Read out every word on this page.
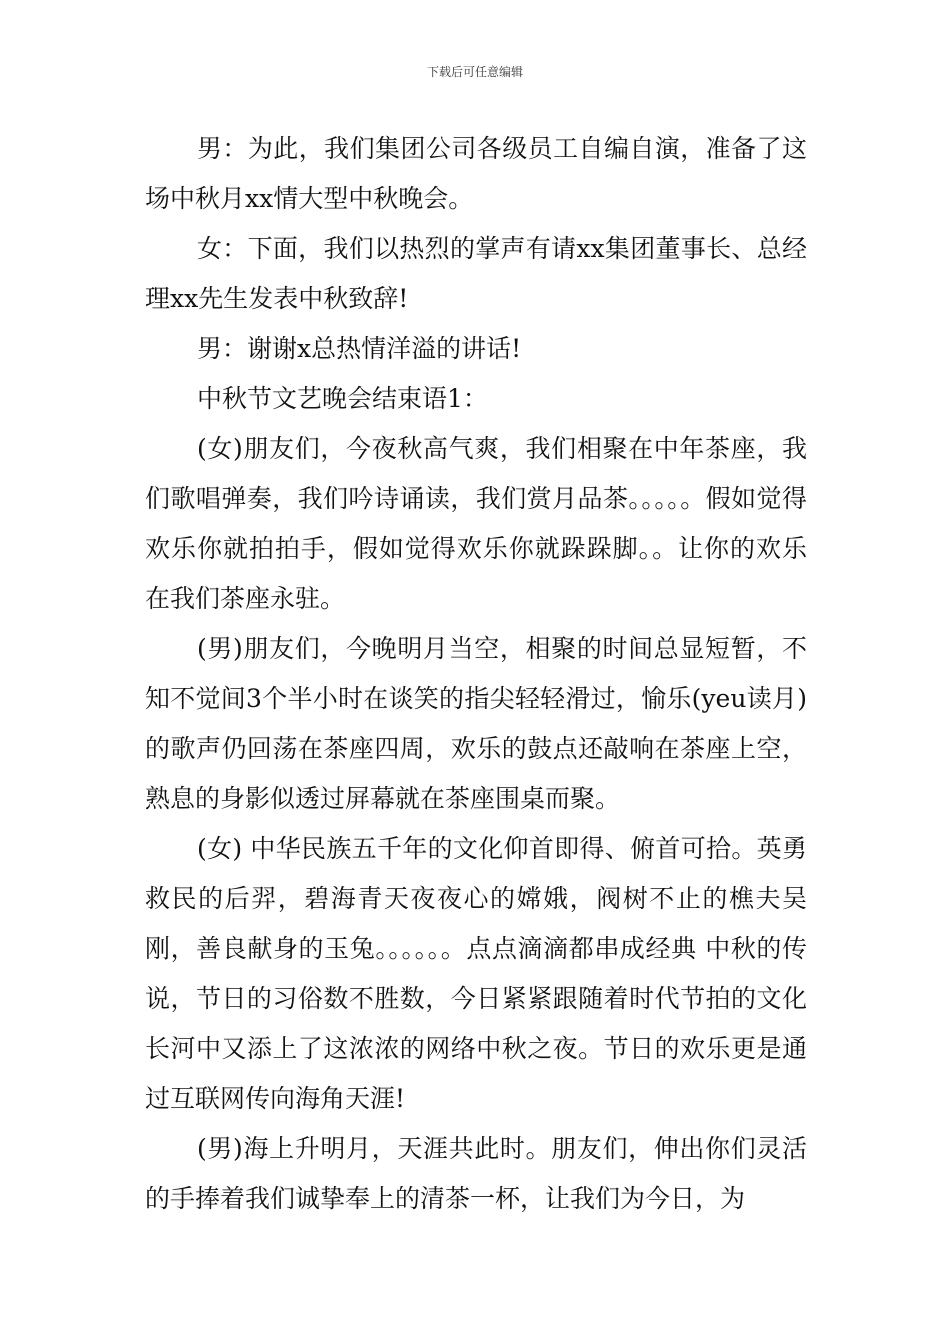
下载后可任意编辑

男：为此，我们集团公司各级员工自编自演，准备了这场中秋月xx情大型中秋晚会。

女：下面，我们以热烈的掌声有请xx集团董事长、总经理xx先生发表中秋致辞!

男：谢谢x总热情洋溢的讲话!

中秋节文艺晚会结束语1：

(女)朋友们，今夜秋高气爽，我们相聚在中年茶座，我们歌唱弹奏，我们吟诗诵读，我们赏月品茶。。。。。假如觉得欢乐你就拍拍手，假如觉得欢乐你就跺跺脚。。让你的欢乐在我们茶座永驻。

(男)朋友们，今晚明月当空，相聚的时间总显短暂，不知不觉间3个半小时在谈笑的指尖轻轻滑过，愉乐(yeu读月)的歌声仍回荡在茶座四周，欢乐的鼓点还敲响在茶座上空，熟息的身影似透过屏幕就在茶座围桌而聚。

(女) 中华民族五千年的文化仰首即得、俯首可拾。英勇救民的后羿，碧海青天夜夜心的嫦娥，阀树不止的樵夫吴刚，善良献身的玉兔。。。。。。点点滴滴都串成经典 中秋的传说，节日的习俗数不胜数，今日紧紧跟随着时代节拍的文化长河中又添上了这浓浓的网络中秋之夜。节日的欢乐更是通过互联网传向海角天涯!

(男)海上升明月，天涯共此时。朋友们，伸出你们灵活的手捧着我们诚挚奉上的清茶一杯，让我们为今日，为
